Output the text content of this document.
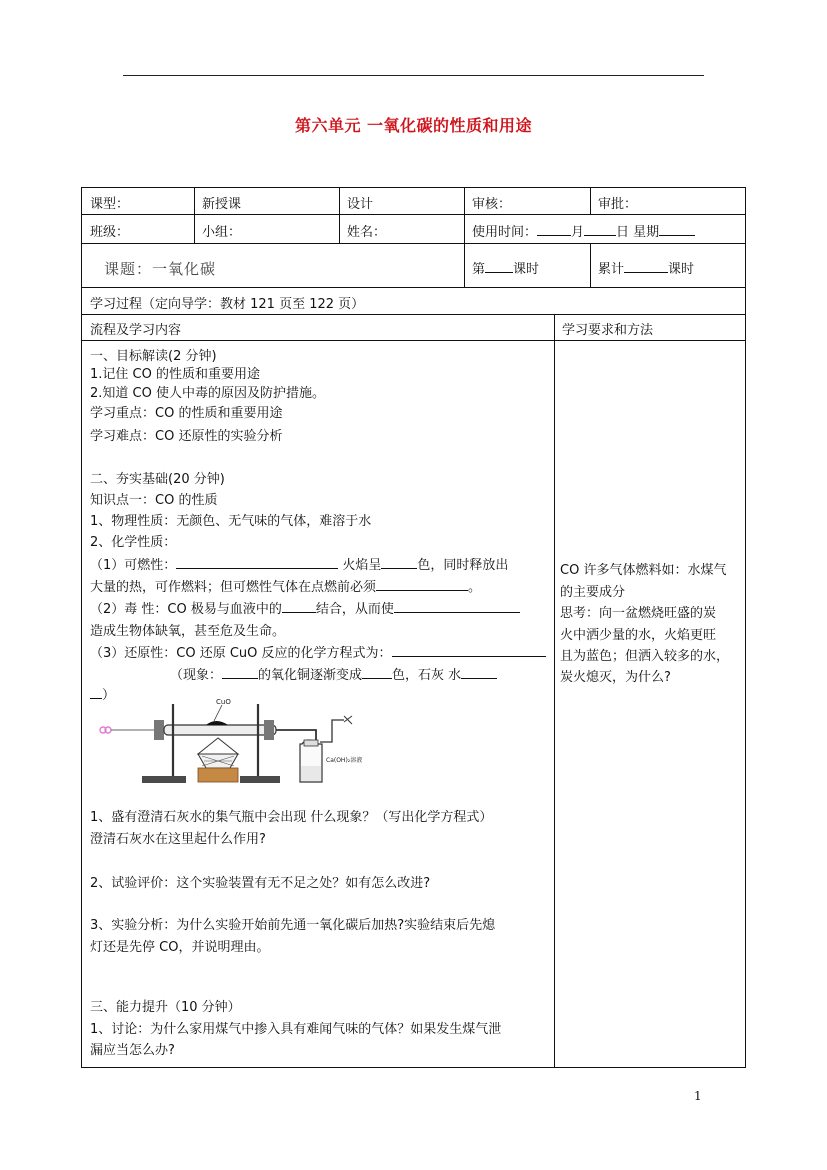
第六单元 一氧化碳的性质和用途
课型：	新授课	设计	审核：	审批：
班级：	小组：	姓名：	使用时间：	月 日 星期
课题：一氧化碳	第 课时	累计	课时
学习过程（定向导学：教材 121 页至 122 页）
流程及学习内容	学习要求和方法
一、目标解读(2 分钟)
1.记住 CO 的性质和重要用途
2.知道 CO 使人中毒的原因及防护措施。
学习重点：CO 的性质和重要用途
学习难点：CO 还原性的实验分析
二、夯实基础(20 分钟)
知识点一：CO 的性质
1、物理性质：无颜色、无气味的气体，难溶于水
2、化学性质：
（1）可燃性：	火焰呈	色，同时释放出
大量的热，可作燃料；但可燃性气体在点燃前必须	。
（2）毒 性：CO 极易与血液中的	结合，从而使
造成生物体缺氧，甚至危及生命。
（3）还原性：CO 还原 CuO 反应的化学方程式为：
（现象：	的氧化铜逐渐变成 色，石灰 水
）	CuO
Ca(OH)₂溶液
1、盛有澄清石灰水的集气瓶中会出现 什么现象？（写出化学方程式）
澄清石灰水在这里起什么作用?
2、试验评价：这个实验装置有无不足之处？如有怎么改进?
3、实验分析：为什么实验开始前先通一氧化碳后加热?实验结束后先熄
灯还是先停 CO，并说明理由。
三、能力提升（10 分钟）
1、讨论：为什么家用煤气中掺入具有难闻气味的气体？如果发生煤气泄
漏应当怎么办?
CO 许多气体燃料如：水煤气
的主要成分
思考：向一盆燃烧旺盛的炭
火中洒少量的水，火焰更旺
且为蓝色；但洒入较多的水，
炭火熄灭，为什么?
1
